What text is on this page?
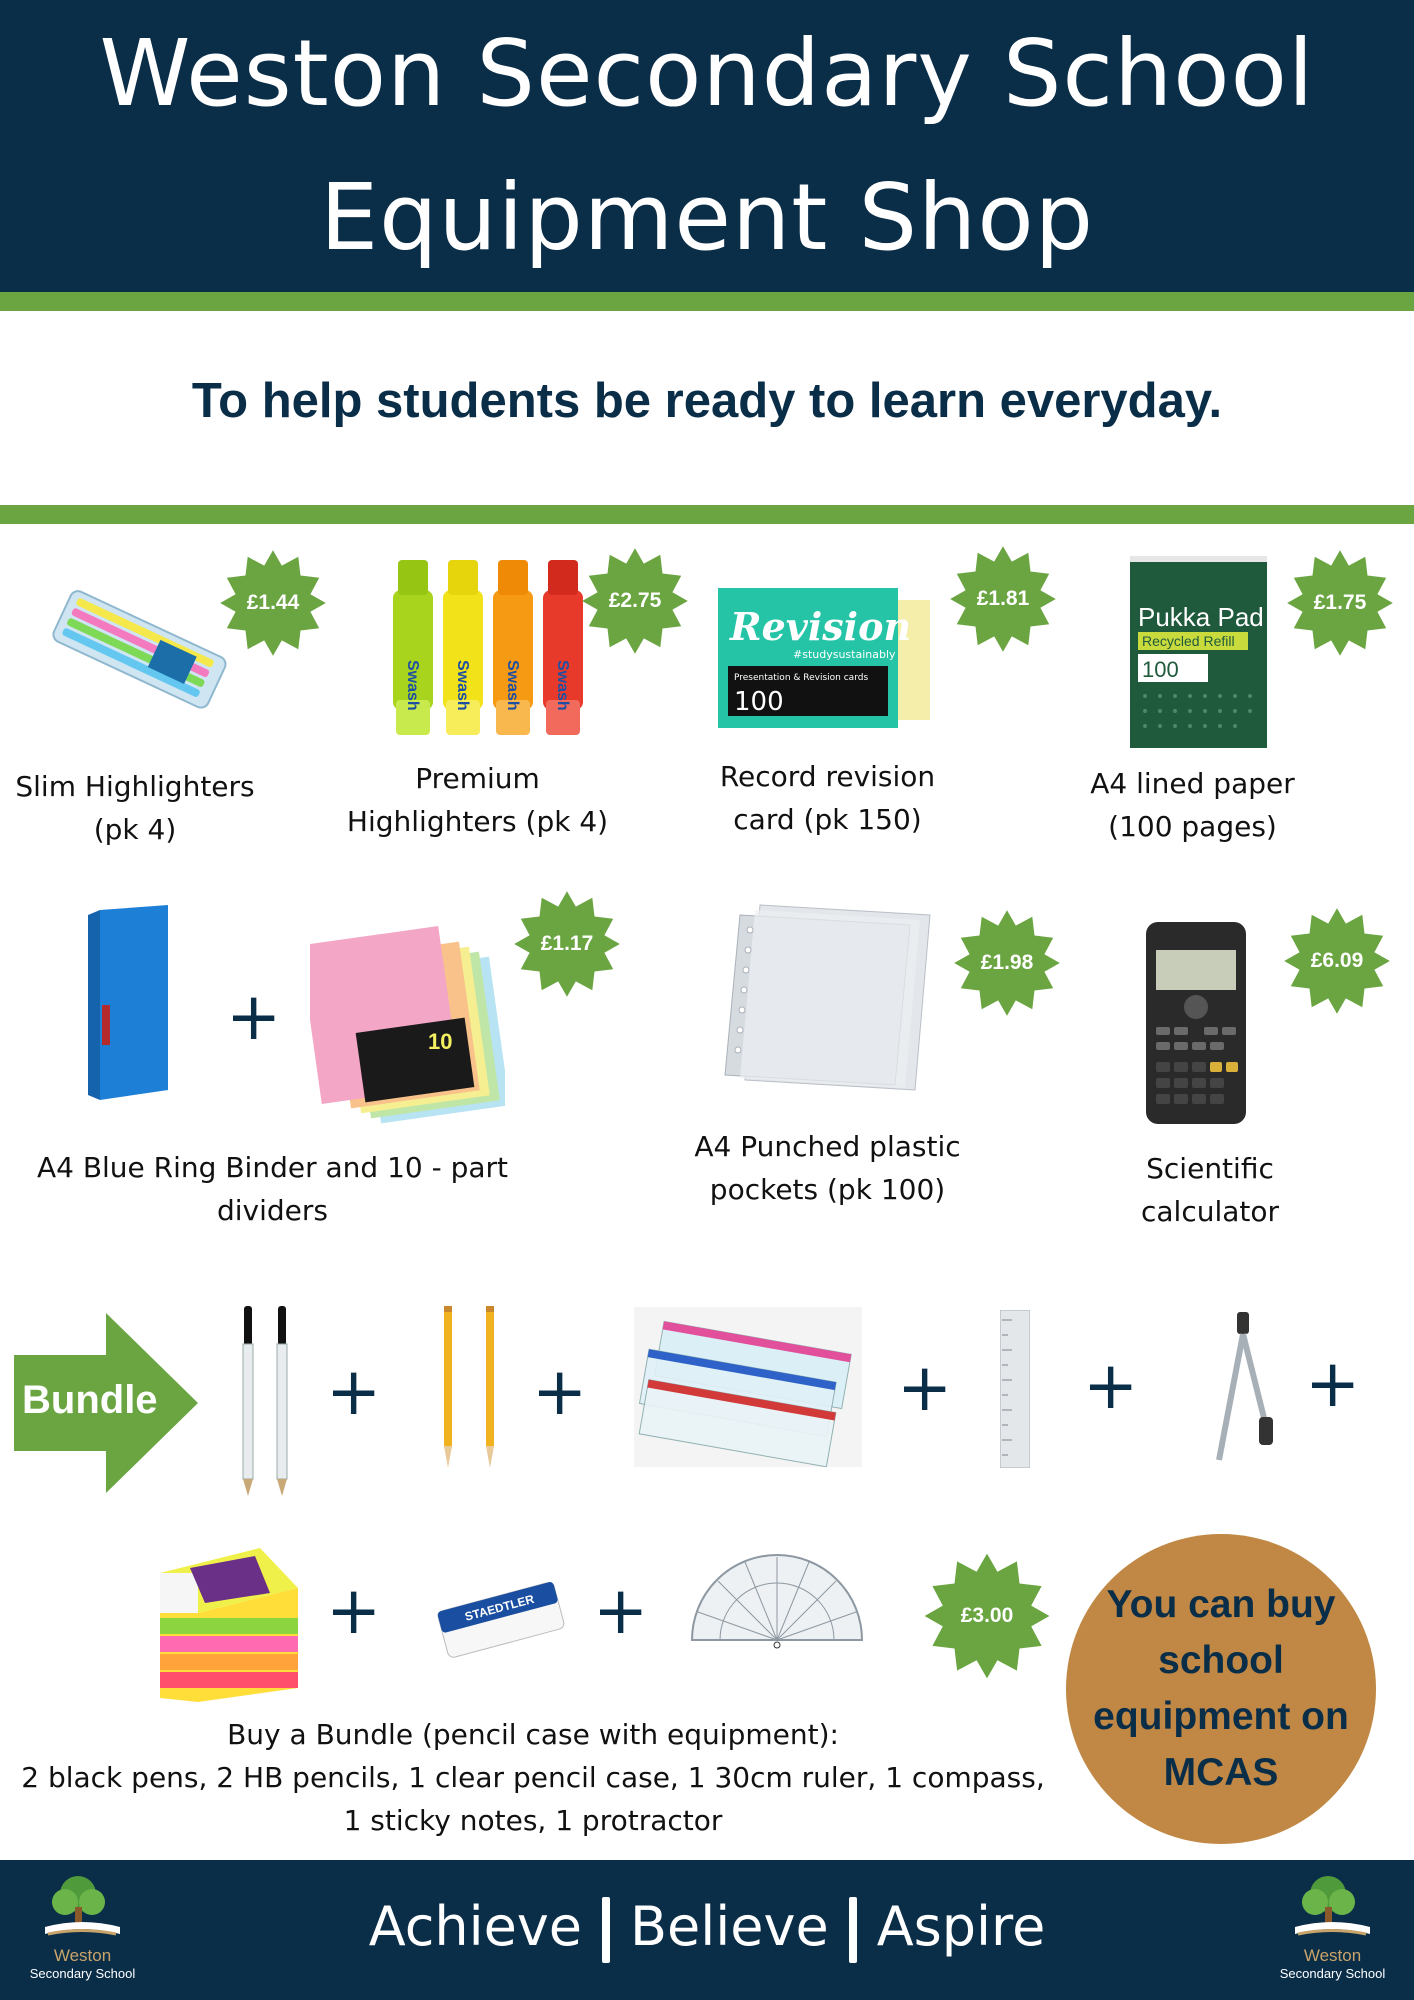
Weston Secondary School
Equipment Shop
To help students be ready to learn everyday.
£1.44
Slim Highlighters
(pk 4)
Swash Swash Swash Swash
£2.75
Premium
Highlighters (pk 4)
Revision
#studysustainably
Presentation & Revision cards
100
£1.81
Record revision
card (pk 150)
Pukka Pad
Recycled Refill
100
£1.75
A4 lined paper
(100 pages)
+	10
£1.17
A4 Blue Ring Binder and 10 - part
dividers
£1.98
A4 Punched plastic
pockets (pk 100)
£6.09
Scientific
calculator
Bundle	+ +	+ +	+
+	STAEDTLER +	£3.00
Buy a Bundle (pencil case with equipment):
2 black pens, 2 HB pencils, 1 clear pencil case, 1 30cm ruler, 1 compass,
1 sticky notes, 1 protractor
You can buy school equipment on MCAS
Achieve Believe Aspire
Weston
Secondary School
Weston
Secondary School
